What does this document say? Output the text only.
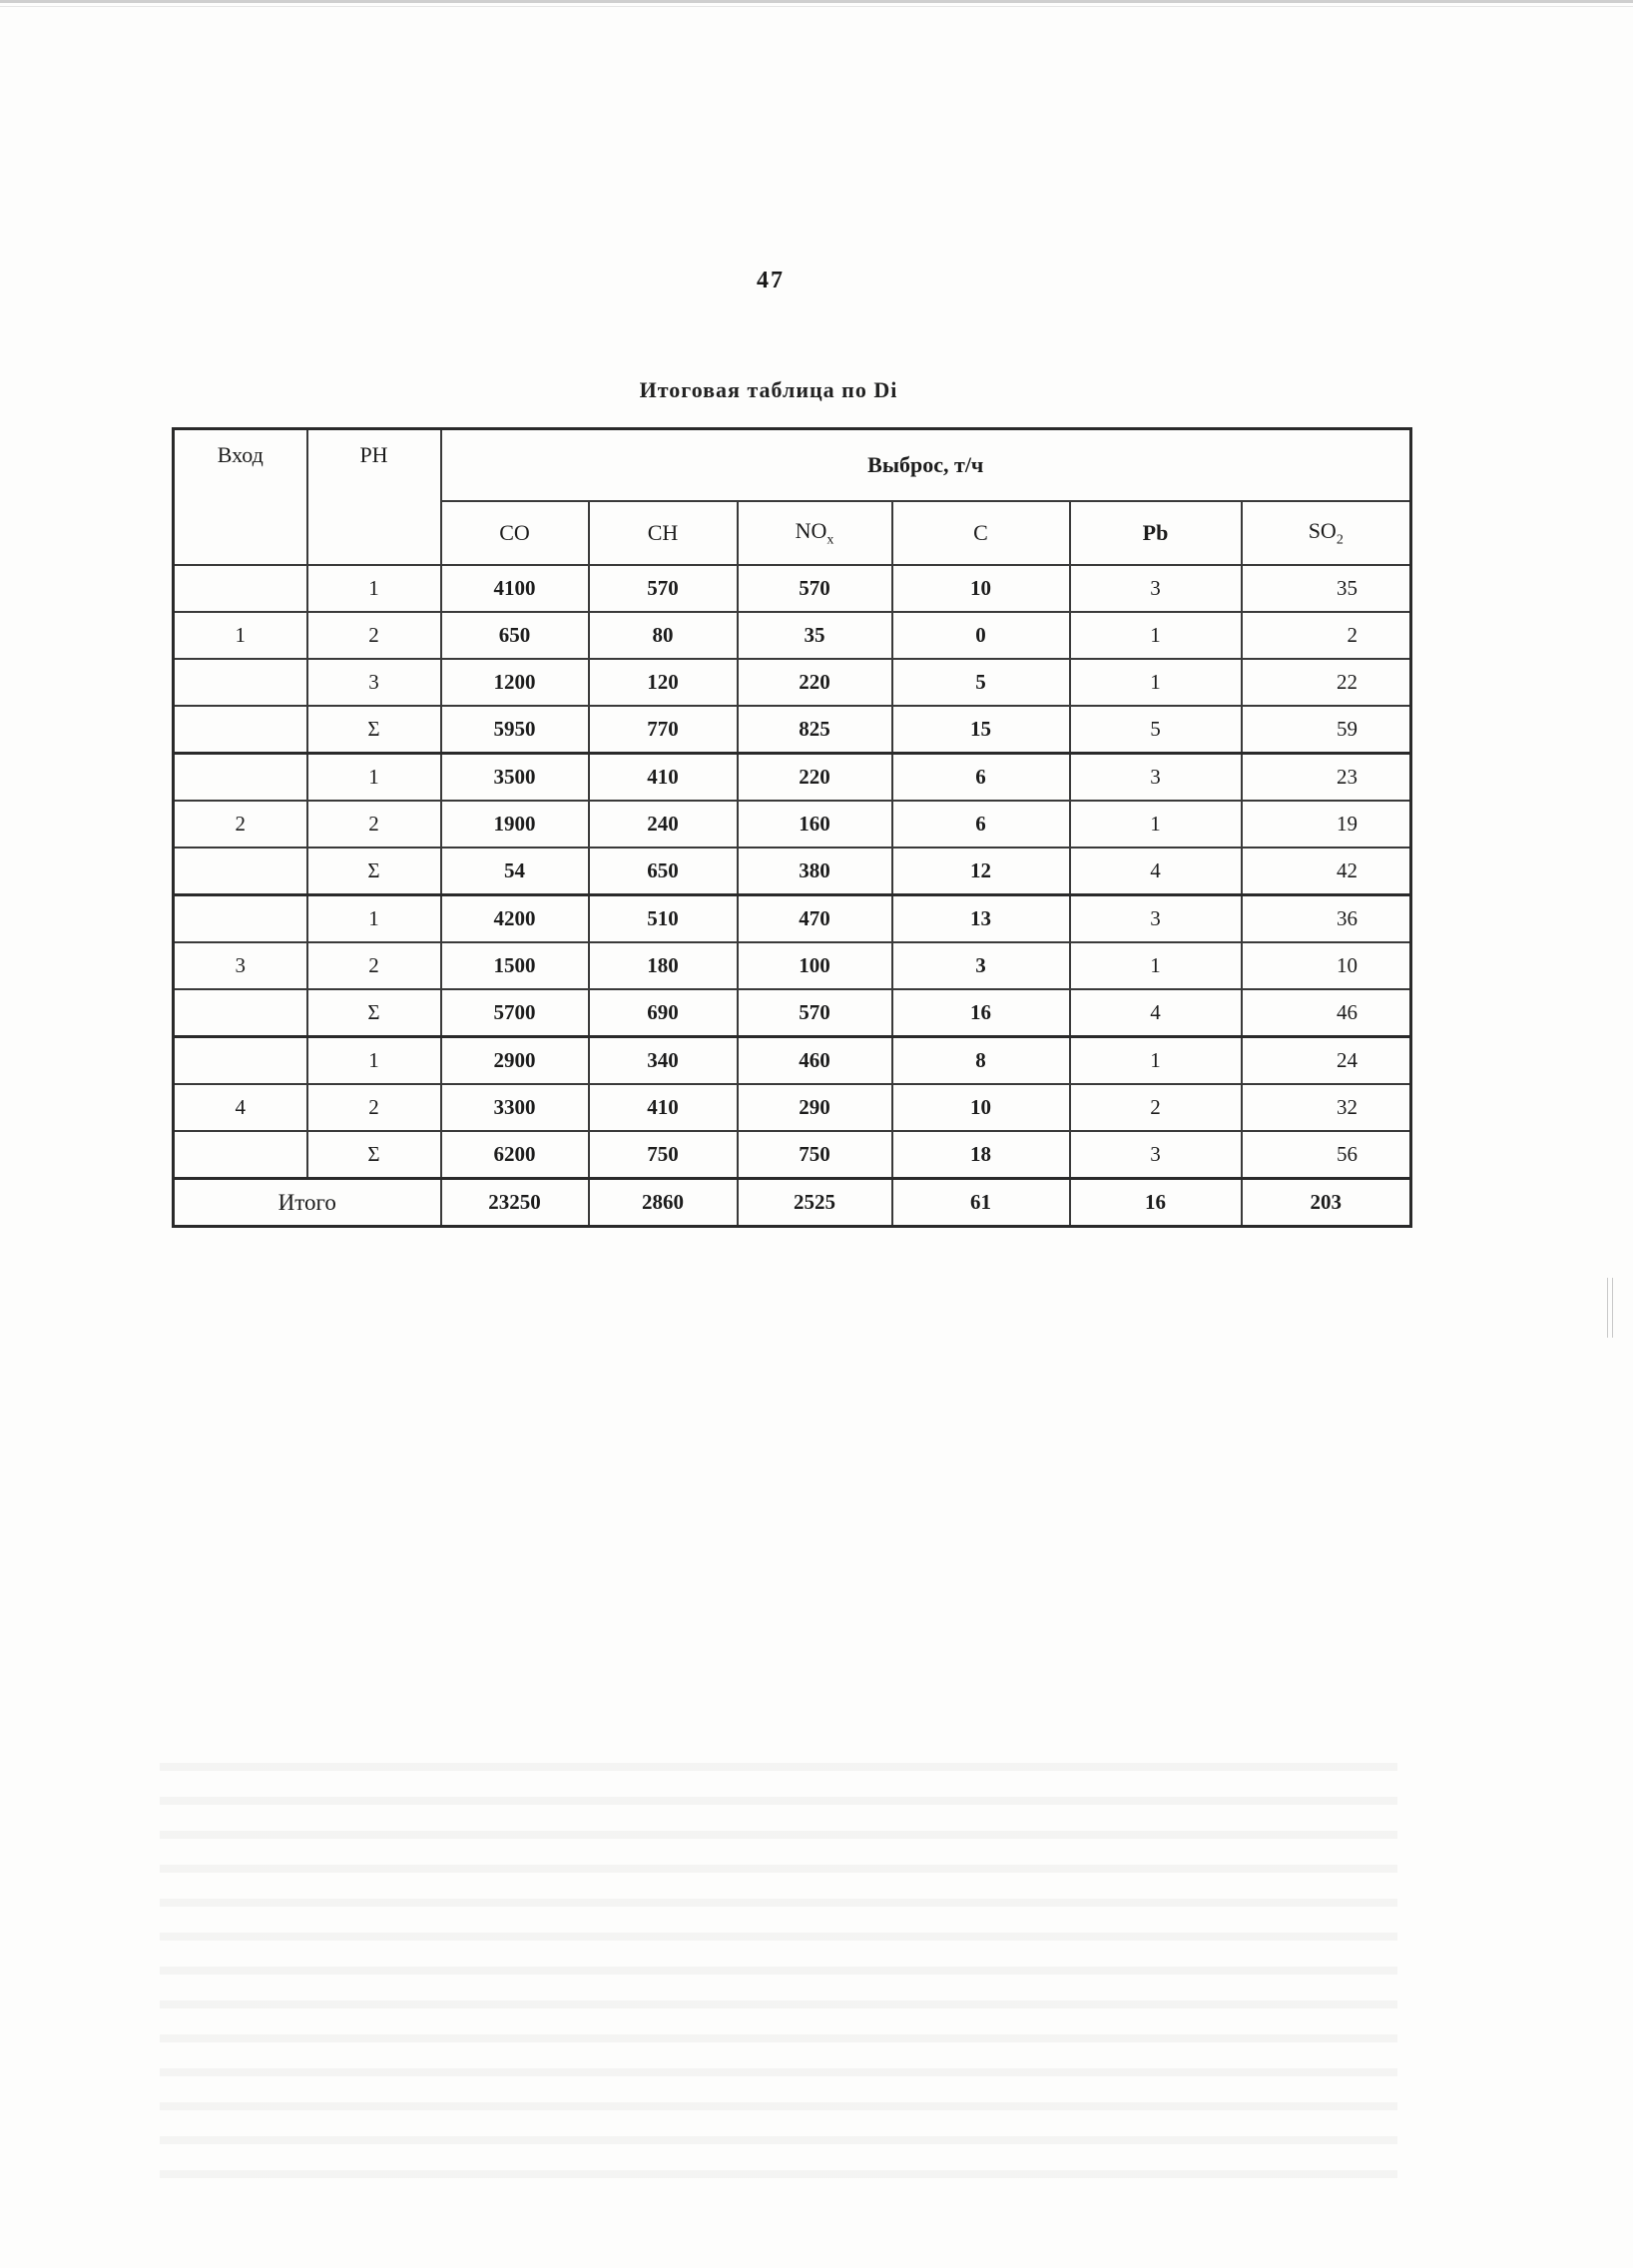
47
Итоговая таблица по Di
Вход	РН	Выброс, т/ч					
		CO	CH	$NO_x$	C	Pb	$SO_2$
	1	4100	570	570	10	3	35
1	2	650	80	35	0	1	2
	3	1200	120	220	5	1	22
	Σ	5950	770	825	15	5	59
	1	3500	410	220	6	3	23
2	2	1900	240	160	6	1	19
	Σ	54	650	380	12	4	42
	1	4200	510	470	13	3	36
3	2	1500	180	100	3	1	10
	Σ	5700	690	570	16	4	46
	1	2900	340	460	8	1	24
4	2	3300	410	290	10	2	32
	Σ	6200	750	750	18	3	56
Итого		23250	2860	2525	61	16	203
